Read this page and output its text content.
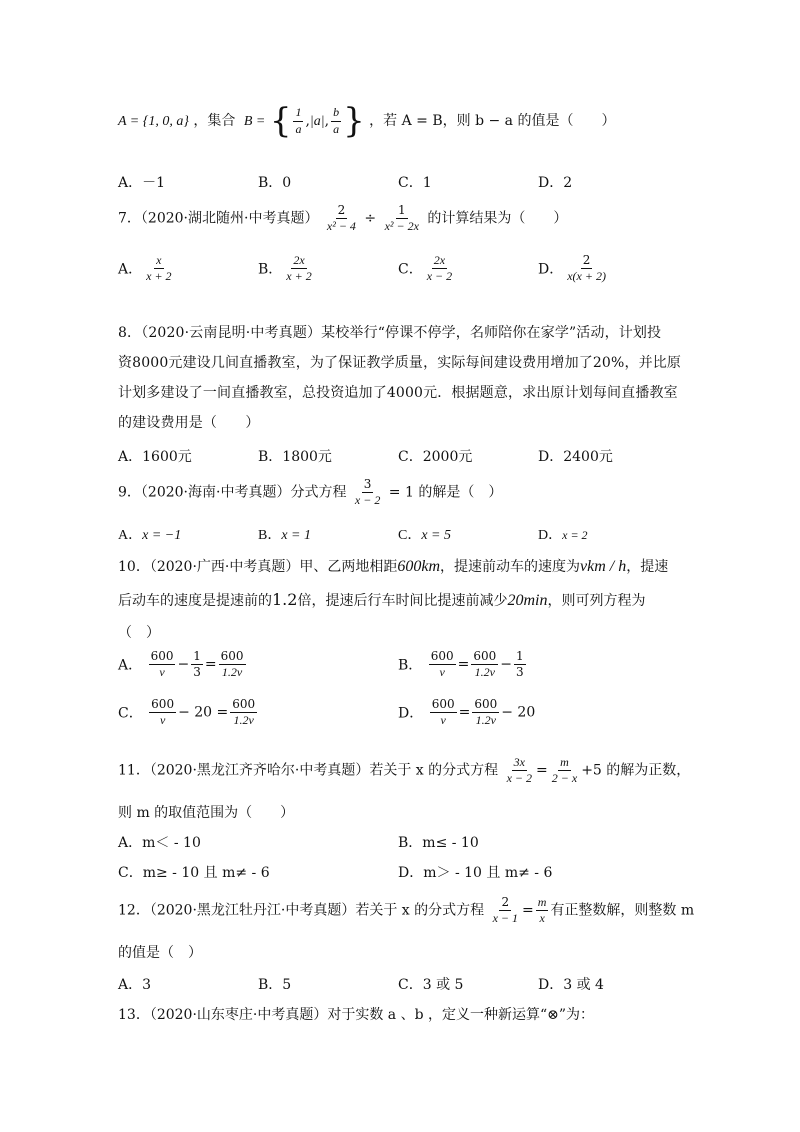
A = {1, 0, a} ，集合 B = { $\frac{1}{a} ,|a|$, $\frac{b}{a}$ } ，若 A = B，则 b − a 的值是（　　）
A．－1	B．0	C．1	D．2
7．（2020·湖北随州·中考真题） $\frac{2}{\text{x² − 4}} \div \frac{1}{\text{x² − 2x}}$ 的计算结果为（　　）
A． $\frac{x}{x + 2}$	B． $\frac{2x}{x + 2}$	C． $\frac{2x}{x - 2}$	D． $\frac{2}{x(x + 2)}$
8．（2020·云南昆明·中考真题）某校举行“停课不停学，名师陪你在家学”活动，计划投
资8000元建设几间直播教室，为了保证教学质量，实际每间建设费用增加了20%，并比原
计划多建设了一间直播教室，总投资追加了4000元．根据题意，求出原计划每间直播教室
的建设费用是（　　）
A．1600元	B．1800元	C．2000元	D．2400元
9．（2020·海南·中考真题）分式方程 $\frac{3}{x - 2} = 1$ 的解是（　）
A．x = −1	B．x = 1	C．x = 5	D．x = 2
10．（2020·广西·中考真题）甲、乙两地相距600km，提速前动车的速度为vkm / h，提速
后动车的速度是提速前的1.2倍，提速后行车时间比提速前减少20min，则可列方程为
（　）
A． $\frac{600}{v} - \frac{1}{3} = \frac{600}{1.2v}$	B． $\frac{600}{v} = \frac{600}{1.2v} - \frac{1}{3}$
C． $\frac{600}{v} - 20 = \frac{600}{1.2v}$	D． $\frac{600}{v} = \frac{600}{1.2v} - 20$
11．（2020·黑龙江齐齐哈尔·中考真题）若关于 x 的分式方程 $\frac{3x}{x - 2} = \frac{m}{2 - x} +5$ 的解为正数，
则 m 的取值范围为（　　）
A．m＜ - 10	B．m≤ - 10
C．m≥ - 10 且 m≠ - 6	D．m＞ - 10 且 m≠ - 6
12．（2020·黑龙江牡丹江·中考真题）若关于 x 的分式方程 $\frac{2}{x - 1} = \frac{m}{x}$ 有正整数解，则整数 m
的值是（　）
A．3	B．5	C．3 或 5	D．3 或 4
13．（2020·山东枣庄·中考真题）对于实数 a 、b ，定义一种新运算“⊗”为：
